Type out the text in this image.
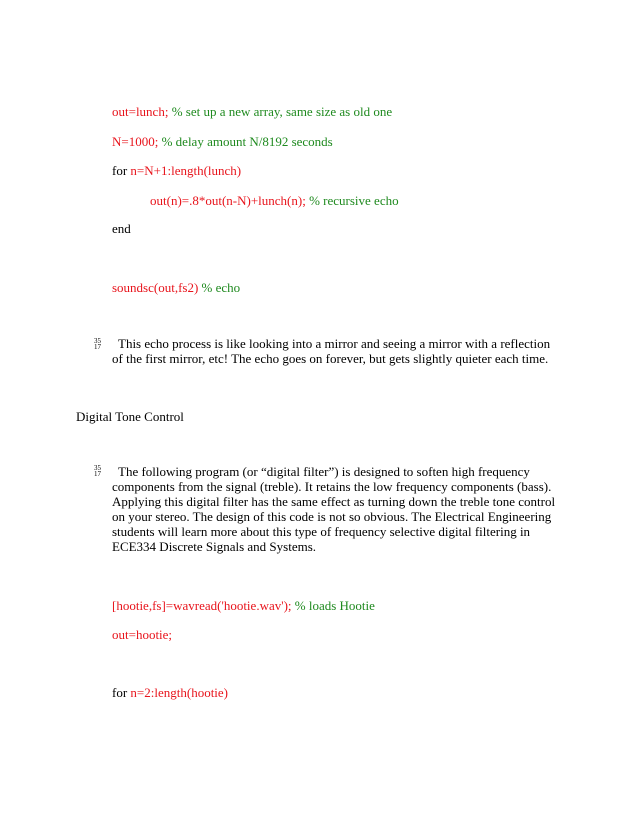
out=lunch; % set up a new array, same size as old one
N=1000; % delay amount N/8192 seconds
for n=N+1:length(lunch)
out(n)=.8*out(n-N)+lunch(n); % recursive echo
end
soundsc(out,fs2) % echo
35
17	This echo process is like looking into a mirror and seeing a mirror with a reflection of the first mirror, etc! The echo goes on forever, but gets slightly quieter each time.
Digital Tone Control
35
17	The following program (or “digital filter”) is designed to soften high frequency components from the signal (treble). It retains the low frequency components (bass). Applying this digital filter has the same effect as turning down the treble tone control on your stereo. The design of this code is not so obvious. The Electrical Engineering students will learn more about this type of frequency selective digital filtering in ECE334 Discrete Signals and Systems.
[hootie,fs]=wavread('hootie.wav'); % loads Hootie
out=hootie;
for n=2:length(hootie)
